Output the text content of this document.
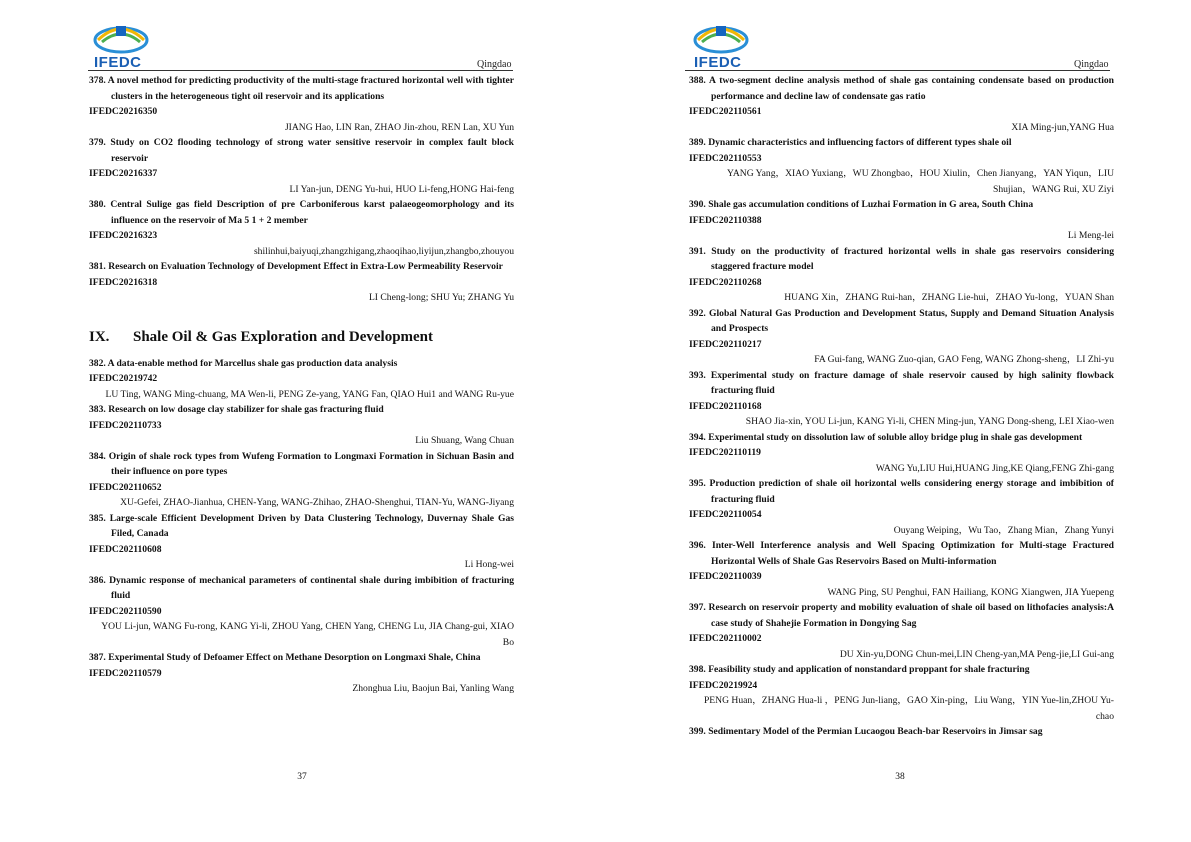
IFEDC	Qingdao
378. A novel method for predicting productivity of the multi-stage fractured horizontal well with tighter clusters in the heterogeneous tight oil reservoir and its applications
IFEDC20216350
JIANG Hao, LIN Ran, ZHAO Jin-zhou, REN Lan, XU Yun
379. Study on CO2 flooding technology of strong water sensitive reservoir in complex fault block reservoir
IFEDC20216337
LI Yan-jun, DENG Yu-hui, HUO Li-feng,HONG Hai-feng
380. Central Sulige gas field Description of pre Carboniferous karst palaeogeomorphology and its influence on the reservoir of Ma 5 1 + 2 member
IFEDC20216323
shilinhui,baiyuqi,zhangzhigang,zhaoqihao,liyijun,zhangbo,zhouyou
381. Research on Evaluation Technology of Development Effect in Extra-Low Permeability Reservoir
IFEDC20216318
LI Cheng-long; SHU Yu; ZHANG Yu
IX. Shale Oil & Gas Exploration and Development
382. A data-enable method for Marcellus shale gas production data analysis
IFEDC20219742
LU Ting, WANG Ming-chuang, MA Wen-li, PENG Ze-yang, YANG Fan, QIAO Hui1 and WANG Ru-yue
383. Research on low dosage clay stabilizer for shale gas fracturing fluid
IFEDC202110733
Liu Shuang, Wang Chuan
384. Origin of shale rock types from Wufeng Formation to Longmaxi Formation in Sichuan Basin and their influence on pore types
IFEDC202110652
XU-Gefei, ZHAO-Jianhua, CHEN-Yang, WANG-Zhihao, ZHAO-Shenghui, TIAN-Yu, WANG-Jiyang
385. Large-scale Efficient Development Driven by Data Clustering Technology, Duvernay Shale Gas Filed, Canada
IFEDC202110608
Li Hong-wei
386. Dynamic response of mechanical parameters of continental shale during imbibition of fracturing fluid
IFEDC202110590
YOU Li-jun, WANG Fu-rong, KANG Yi-li, ZHOU Yang, CHEN Yang, CHENG Lu, JIA Chang-gui, XIAO Bo
387. Experimental Study of Defoamer Effect on Methane Desorption on Longmaxi Shale, China
IFEDC202110579
Zhonghua Liu, Baojun Bai, Yanling Wang
37
IFEDC	Qingdao
388. A two-segment decline analysis method of shale gas containing condensate based on production performance and decline law of condensate gas ratio
IFEDC202110561
XIA Ming-jun,YANG Hua
389. Dynamic characteristics and influencing factors of different types shale oil
IFEDC202110553
YANG Yang，XIAO Yuxiang，WU Zhongbao，HOU Xiulin，Chen Jianyang，YAN Yiqun，LIU Shujian，WANG Rui, XU Ziyi
390. Shale gas accumulation conditions of Luzhai Formation in G area, South China
IFEDC202110388
Li Meng-lei
391. Study on the productivity of fractured horizontal wells in shale gas reservoirs considering staggered fracture model
IFEDC202110268
HUANG Xin，ZHANG Rui-han，ZHANG Lie-hui，ZHAO Yu-long，YUAN Shan
392. Global Natural Gas Production and Development Status, Supply and Demand Situation Analysis and Prospects
IFEDC202110217
FA Gui-fang, WANG Zuo-qian, GAO Feng, WANG Zhong-sheng，LI Zhi-yu
393. Experimental study on fracture damage of shale reservoir caused by high salinity flowback fracturing fluid
IFEDC202110168
SHAO Jia-xin, YOU Li-jun, KANG Yi-li, CHEN Ming-jun, YANG Dong-sheng, LEI Xiao-wen
394. Experimental study on dissolution law of soluble alloy bridge plug in shale gas development
IFEDC202110119
WANG Yu,LIU Hui,HUANG Jing,KE Qiang,FENG Zhi-gang
395. Production prediction of shale oil horizontal wells considering energy storage and imbibition of fracturing fluid
IFEDC202110054
Ouyang Weiping，Wu Tao，Zhang Mian，Zhang Yunyi
396. Inter-Well Interference analysis and Well Spacing Optimization for Multi-stage Fractured Horizontal Wells of Shale Gas Reservoirs Based on Multi-information
IFEDC202110039
WANG Ping, SU Penghui, FAN Hailiang, KONG Xiangwen, JIA Yuepeng
397. Research on reservoir property and mobility evaluation of shale oil based on lithofacies analysis:A case study of Shahejie Formation in Dongying Sag
IFEDC202110002
DU Xin-yu,DONG Chun-mei,LIN Cheng-yan,MA Peng-jie,LI Gui-ang
398. Feasibility study and application of nonstandard proppant for shale fracturing
IFEDC20219924
PENG Huan，ZHANG Hua-li ，PENG Jun-liang，GAO Xin-ping，Liu Wang，YIN Yue-lin,ZHOU Yu-chao
399. Sedimentary Model of the Permian Lucaogou Beach-bar Reservoirs in Jimsar sag
38
